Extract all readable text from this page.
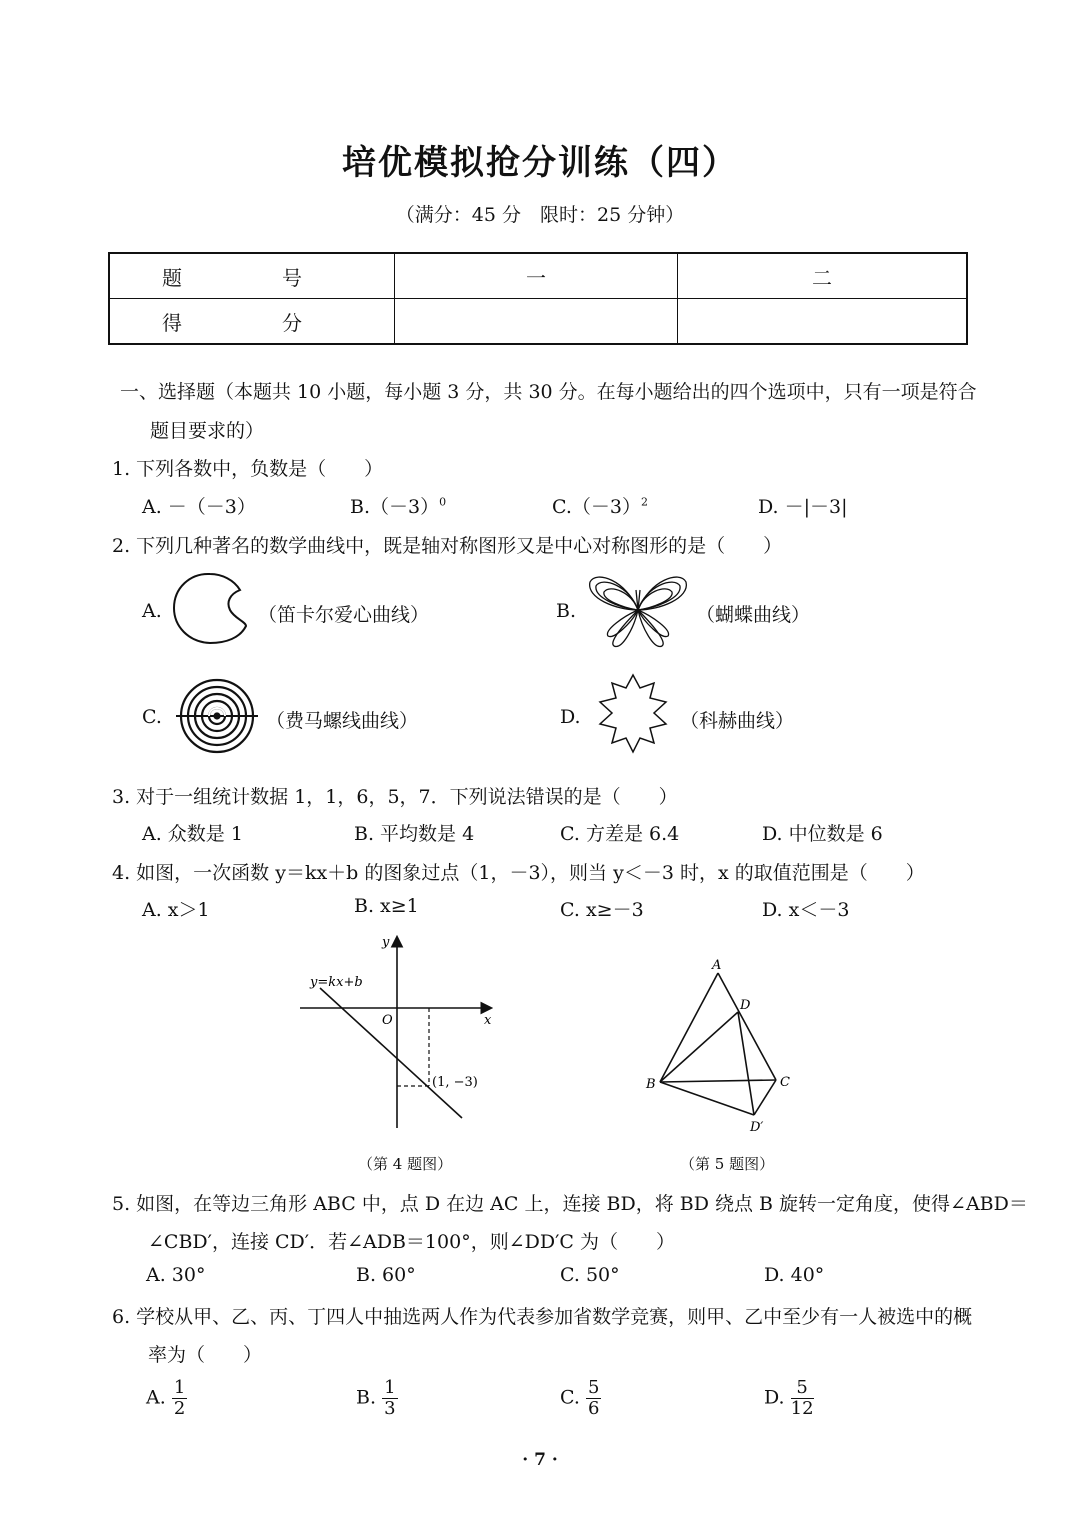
培优模拟抢分训练（四）
（满分：45 分　限时：25 分钟）
题　号	一	二
得　分		
一、选择题（本题共 10 小题，每小题 3 分，共 30 分。在每小题给出的四个选项中，只有一项是符合
题目要求的）
1. 下列各数中，负数是（　　）
A. －（－3）	$B.(-3)^0$	$C.(-3)^2$	D. －|－3|
2. 下列几种著名的数学曲线中，既是轴对称图形又是中心对称图形的是（　　）
A.	（笛卡尔爱心曲线）	B.	（蝴蝶曲线）
C.	（费马螺线曲线）	D.	（科赫曲线）
3. 对于一组统计数据 1，1，6，5，7．下列说法错误的是（　　）
A. 众数是 1	B. 平均数是 4	C. 方差是 6.4	D. 中位数是 6
4. 如图，一次函数 y＝kx＋b 的图象过点（1，－3），则当 y＜－3 时，x 的取值范围是（　　）
A. x＞1	B. x≥1	C. x≥－3	D. x＜－3
y
x
O
y=kx+b
(1, −3)
（第 4 题图）
A
D
B	C
D′
（第 5 题图）
5. 如图，在等边三角形 ABC 中，点 D 在边 AC 上，连接 BD，将 BD 绕点 B 旋转一定角度，使得∠ABD＝
∠CBD′，连接 CD′．若∠ADB＝100°，则∠DD′C 为（　　）
A. 30°	B. 60°	C. 50°	D. 40°
6. 学校从甲、乙、丙、丁四人中抽选两人作为代表参加省数学竞赛，则甲、乙中至少有一人被选中的概
率为（　　）
A. $\frac{1}{2}$	B. $\frac{1}{3}$	C. $\frac{5}{6}$	D. $\frac{5}{12}$
· 7 ·
